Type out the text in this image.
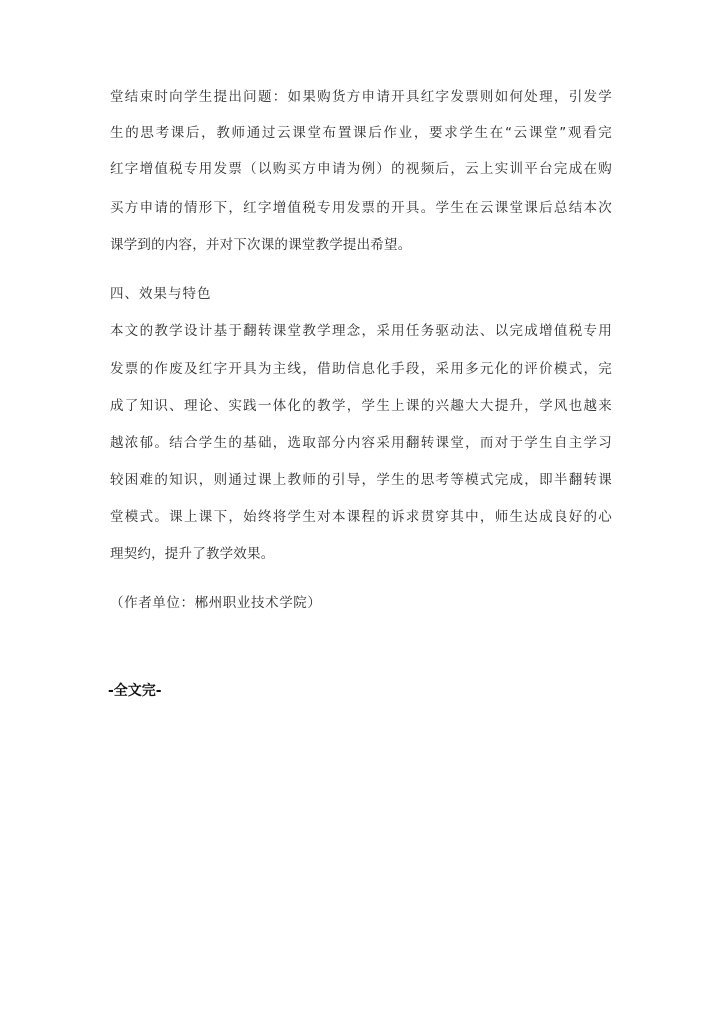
堂结束时向学生提出问题：如果购货方申请开具红字发票则如何处理，引发学
生的思考课后，教师通过云课堂布置课后作业，要求学生在“云课堂”观看完
红字增值税专用发票（以购买方申请为例）的视频后，云上实训平台完成在购
买方申请的情形下，红字增值税专用发票的开具。学生在云课堂课后总结本次
课学到的内容，并对下次课的课堂教学提出希望。
四、效果与特色
本文的教学设计基于翻转课堂教学理念，采用任务驱动法、以完成增值税专用
发票的作废及红字开具为主线，借助信息化手段，采用多元化的评价模式，完
成了知识、理论、实践一体化的教学，学生上课的兴趣大大提升，学风也越来
越浓郁。结合学生的基础，选取部分内容采用翻转课堂，而对于学生自主学习
较困难的知识，则通过课上教师的引导，学生的思考等模式完成，即半翻转课
堂模式。课上课下，始终将学生对本课程的诉求贯穿其中，师生达成良好的心
理契约，提升了教学效果。
（作者单位：郴州职业技术学院）
-全文完-
